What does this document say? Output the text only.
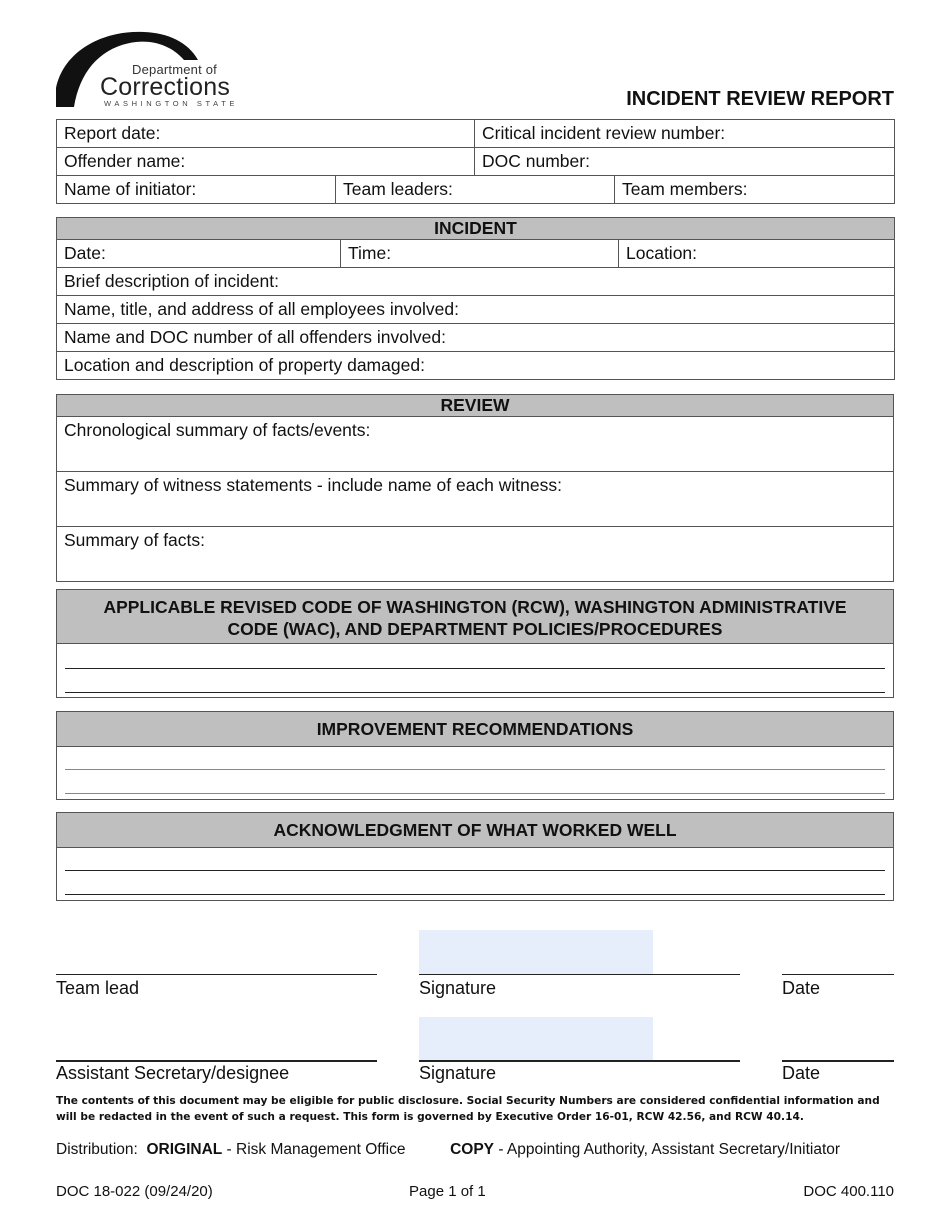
Department of
Corrections
WASHINGTON STATE	INCIDENT REVIEW REPORT
Report date:		Critical incident review number:	
Offender name:		DOC number:	
Name of initiator:	Team leaders:		Team members:
INCIDENT
Date:	Time:	Location:
Brief description of incident:
Name, title, and address of all employees involved:
Name and DOC number of all offenders involved:
Location and description of property damaged:
REVIEW
Chronological summary of facts/events:
Summary of witness statements - include name of each witness:
Summary of facts:
APPLICABLE REVISED CODE OF WASHINGTON (RCW), WASHINGTON ADMINISTRATIVE
CODE (WAC), AND DEPARTMENT POLICIES/PROCEDURES
IMPROVEMENT RECOMMENDATIONS
ACKNOWLEDGMENT OF WHAT WORKED WELL
Team lead	Signature	Date
Assistant Secretary/designee	Signature	Date
The contents of this document may be eligible for public disclosure. Social Security Numbers are considered confidential information and will be redacted in the event of such a request. This form is governed by Executive Order 16-01, RCW 42.56, and RCW 40.14.
Distribution: ORIGINAL - Risk Management Office	COPY - Appointing Authority, Assistant Secretary/Initiator
DOC 18-022 (09/24/20)	Page 1 of 1	DOC 400.110
